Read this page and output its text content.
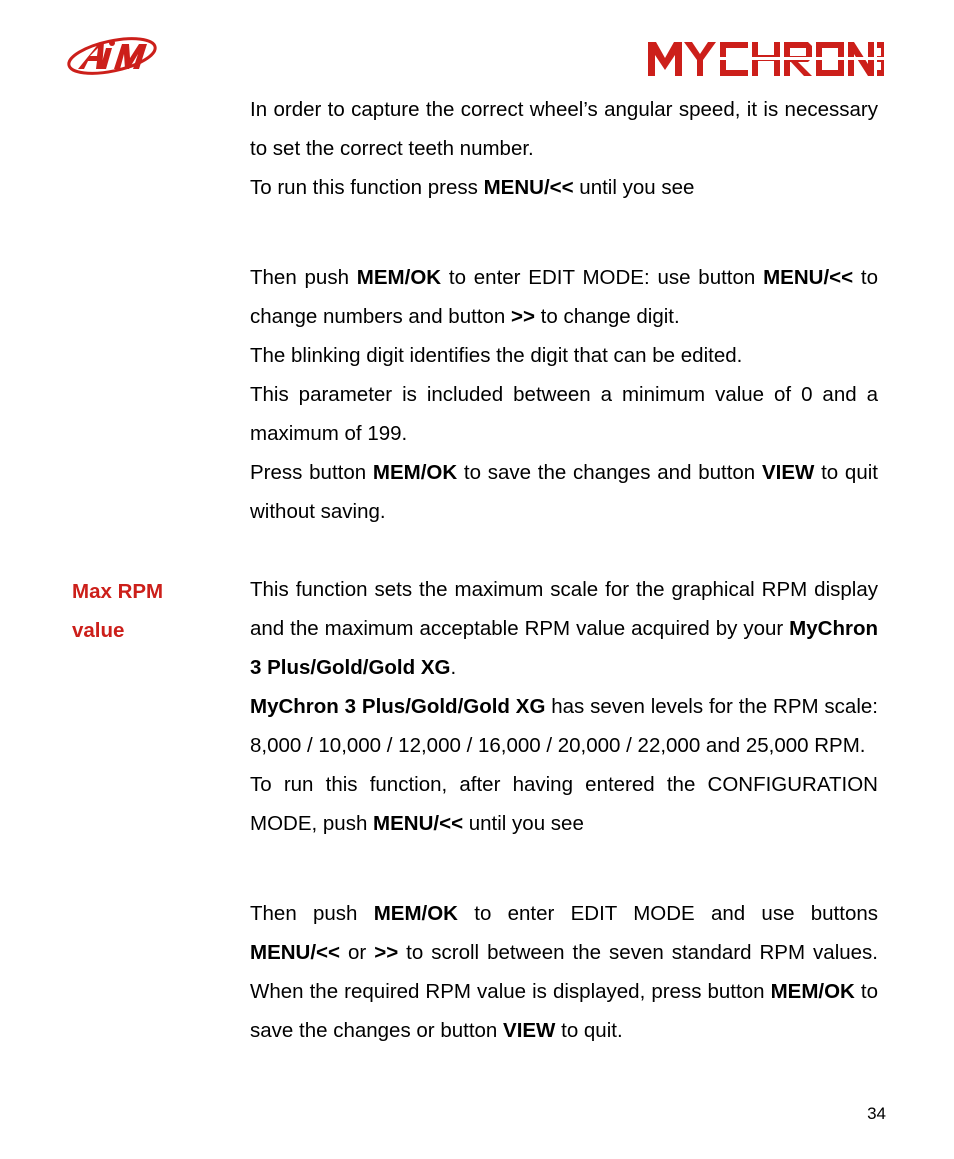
AiM
MYCHRON3
Max RPM
value

In order to capture the correct wheel’s angular speed, it is necessary to set the correct teeth number.

To run this function press MENU/<< until you see

Then push MEM/OK to enter EDIT MODE: use button MENU/<< to change numbers and button >> to change digit.

The blinking digit identifies the digit that can be edited.

This parameter is included between a minimum value of 0 and a maximum of 199.

Press button MEM/OK to save the changes and button VIEW to quit without saving.

This function sets the maximum scale for the graphical RPM display and the maximum acceptable RPM value acquired by your MyChron 3 Plus/Gold/Gold XG.

MyChron 3 Plus/Gold/Gold XG has seven levels for the RPM scale: 8,000 / 10,000 / 12,000 / 16,000 / 20,000 / 22,000 and 25,000 RPM.

To run this function, after having entered the CONFIGURATION MODE, push MENU/<< until you see

Then push MEM/OK to enter EDIT MODE and use buttons MENU/<< or >> to scroll between the seven standard RPM values. When the required RPM value is displayed, press button MEM/OK to save the changes or button VIEW to quit.

34
